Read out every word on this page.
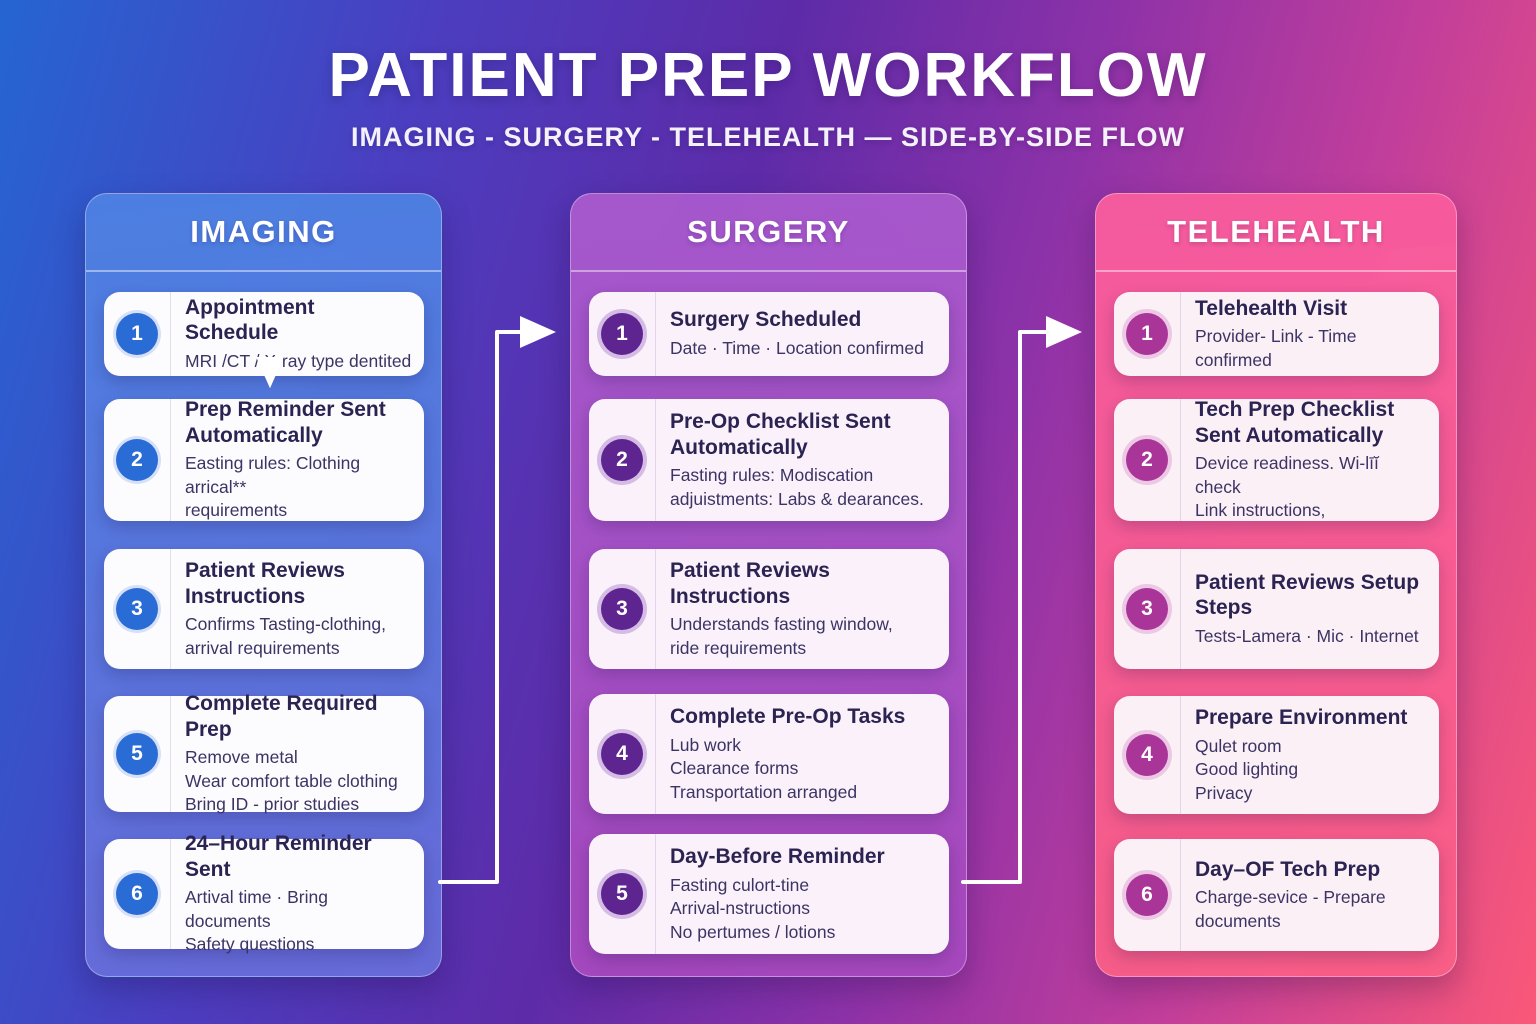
PATIENT PREP WORKFLOW
IMAGING - SURGERY - TELEHEALTH — SIDE-BY-SIDE FLOW
IMAGING
1
Appointment Schedule
MRI /CT / X-ray type dentited
2
Prep Reminder Sent Automatically
Easting rules: Clothing arrical**
requirements
3
Patient Reviews Instructions
Confirms Tasting-clothing,
arrival requirements
5
Complete Required Prep
Remove metal
Wear comfort table clothing
Bring ID - prior studies
6
24–Hour Reminder Sent
Artival time · Bring documents
Safety questions
SURGERY
1
Surgery Scheduled
Date · Time · Location confirmed
2
Pre-Op Checklist Sent Automatically
Fasting rules: Modiscation
adjuistments: Labs & dearances.
3
Patient Reviews Instructions
Understands fasting window,
ride requirements
4
Complete Pre-Op Tasks
Lub work
Clearance forms
Transportation arranged
5
Day-Before Reminder
Fasting culort-tine
Arrival-nstructions
No pertumes / lotions
TELEHEALTH
1
Telehealth Visit
Provider- Link - Time confirmed
2
Tech Prep Checklist Sent Automatically
Device readiness. Wi-līĭ check
Link instructions,
3
Patient Reviews Setup Steps
Tests-Lamera · Mic · Internet
4
Prepare Environment
Qulet room
Good lighting
Privacy
6
Day–OF Tech Prep
Charge-sevice - Prepare
documents
